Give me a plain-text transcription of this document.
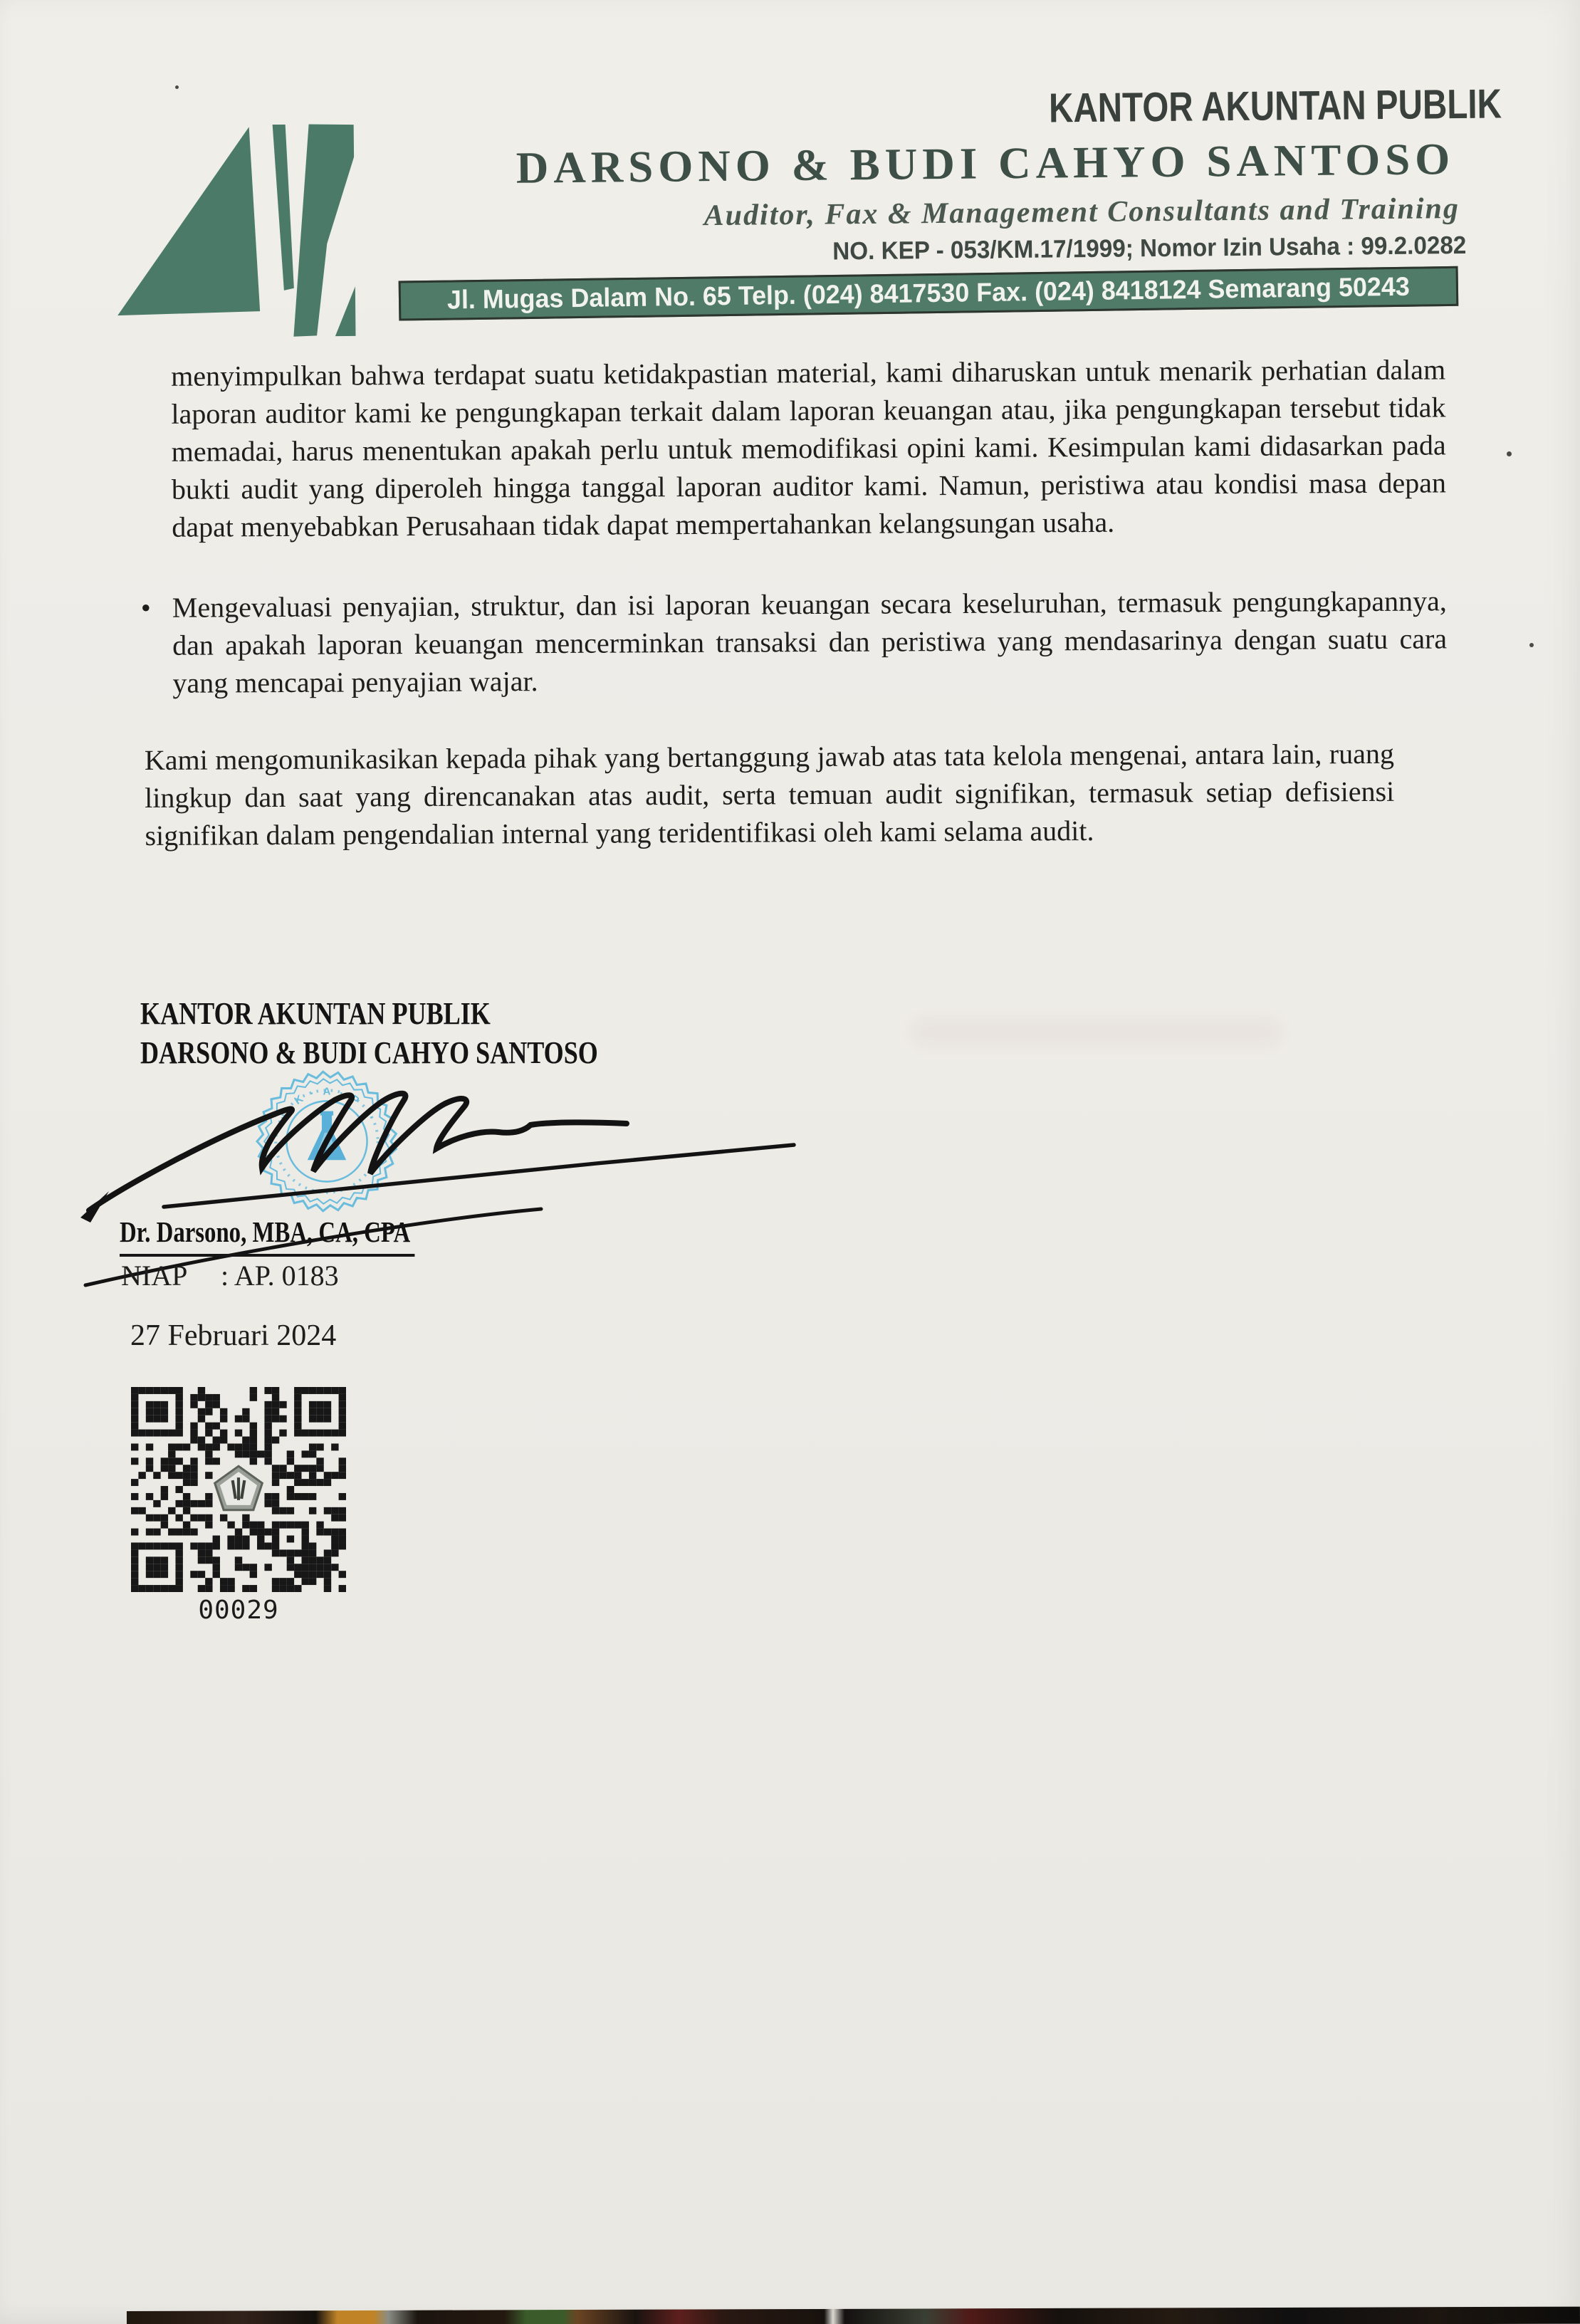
KANTOR AKUNTAN PUBLIK
DARSONO & BUDI CAHYO SANTOSO
Auditor, Fax & Management Consultants and Training
NO. KEP - 053/KM.17/1999; Nomor Izin Usaha : 99.2.0282
Jl. Mugas Dalam No. 65 Telp. (024) 8417530 Fax. (024) 8418124 Semarang 50243

menyimpulkan bahwa terdapat suatu ketidakpastian material, kami diharuskan untuk menarik perhatian dalam laporan auditor kami ke pengungkapan terkait dalam laporan keuangan atau, jika pengungkapan tersebut tidak memadai, harus menentukan apakah perlu untuk memodifikasi opini kami. Kesimpulan kami didasarkan pada bukti audit yang diperoleh hingga tanggal laporan auditor kami. Namun, peristiwa atau kondisi masa depan dapat menyebabkan Perusahaan tidak dapat mempertahankan kelangsungan usaha.

• Mengevaluasi penyajian, struktur, dan isi laporan keuangan secara keseluruhan, termasuk pengungkapannya, dan apakah laporan keuangan mencerminkan transaksi dan peristiwa yang mendasarinya dengan suatu cara yang mencapai penyajian wajar.

Kami mengomunikasikan kepada pihak yang bertanggung jawab atas tata kelola mengenai, antara lain, ruang lingkup dan saat yang direncanakan atas audit, serta temuan audit signifikan, termasuk setiap defisiensi signifikan dalam pengendalian internal yang teridentifikasi oleh kami selama audit.

KANTOR AKUNTAN PUBLIK
DARSONO & BUDI CAHYO SANTOSO
·
K · A · P
·
Dr. Darsono, MBA, CA, CPA
NIAP	: AP. 0183
27 Februari 2024
00029
